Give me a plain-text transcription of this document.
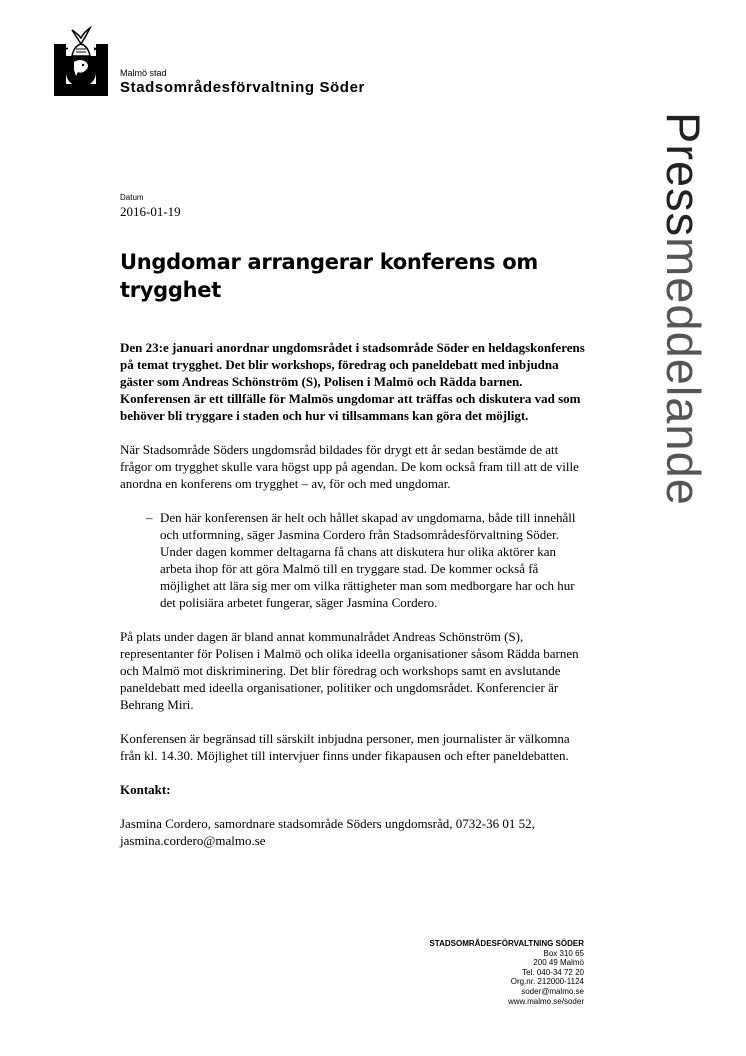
Malmö stad
Malmö stad
Stadsområdesförvaltning Söder
Pressmeddelande
Datum
2016-01-19
Ungdomar arrangerar konferens om trygghet

Den 23:e januari anordnar ungdomsrådet i stadsområde Söder en heldagskonferens på temat trygghet. Det blir workshops, föredrag och paneldebatt med inbjudna gäster som Andreas Schönström (S), Polisen i Malmö och Rädda barnen. Konferensen är ett tillfälle för Malmös ungdomar att träffas och diskutera vad som behöver bli tryggare i staden och hur vi tillsammans kan göra det möjligt.

När Stadsområde Söders ungdomsråd bildades för drygt ett år sedan bestämde de att frågor om trygghet skulle vara högst upp på agendan. De kom också fram till att de ville anordna en konferens om trygghet – av, för och med ungdomar.

– Den här konferensen är helt och hållet skapad av ungdomarna, både till innehåll och utformning, säger Jasmina Cordero från Stadsområdesförvaltning Söder. Under dagen kommer deltagarna få chans att diskutera hur olika aktörer kan arbeta ihop för att göra Malmö till en tryggare stad. De kommer också få möjlighet att lära sig mer om vilka rättigheter man som medborgare har och hur det polisiära arbetet fungerar, säger Jasmina Cordero.

På plats under dagen är bland annat kommunalrådet Andreas Schönström (S), representanter för Polisen i Malmö och olika ideella organisationer såsom Rädda barnen och Malmö mot diskriminering. Det blir föredrag och workshops samt en avslutande paneldebatt med ideella organisationer, politiker och ungdomsrådet. Konferencier är Behrang Miri.

Konferensen är begränsad till särskilt inbjudna personer, men journalister är välkomna från kl. 14.30. Möjlighet till intervjuer finns under fikapausen och efter paneldebatten.

Kontakt:

Jasmina Cordero, samordnare stadsområde Söders ungdomsråd, 0732-36 01 52, jasmina.cordero@malmo.se

STADSOMRÅDESFÖRVALTNING SÖDER
Box 310 65
200 49 Malmö
Tel. 040-34 72 20
Org.nr. 212000-1124
soder@malmo.se
www.malmo.se/soder
